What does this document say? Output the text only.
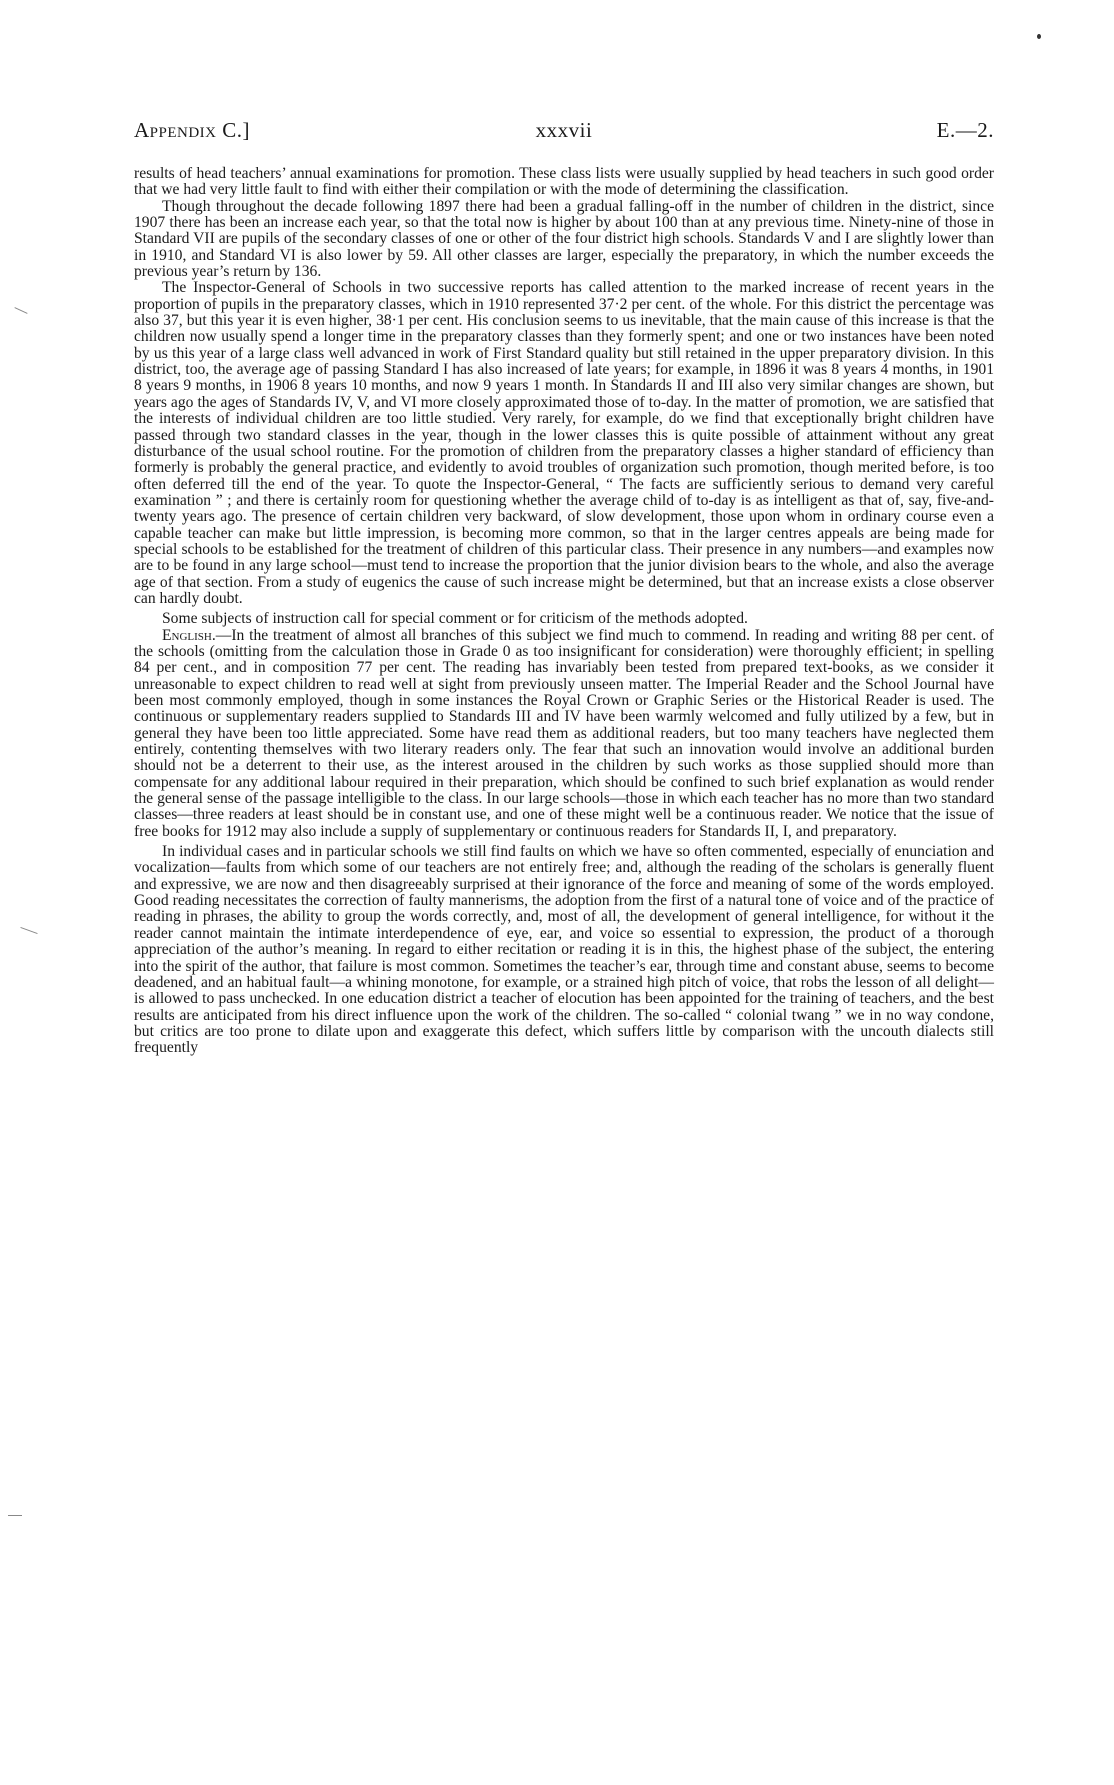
Appendix C.]	xxxvii	E.—2.

results of head teachers’ annual examinations for promotion. These class lists were usually supplied by head teachers in such good order that we had very little fault to find with either their compilation or with the mode of determining the classification.

Though throughout the decade following 1897 there had been a gradual falling-off in the number of children in the district, since 1907 there has been an increase each year, so that the total now is higher by about 100 than at any previous time. Ninety-nine of those in Standard VII are pupils of the secondary classes of one or other of the four district high schools. Standards V and I are slightly lower than in 1910, and Standard VI is also lower by 59. All other classes are larger, especially the preparatory, in which the number exceeds the previous year’s return by 136.

The Inspector-General of Schools in two successive reports has called attention to the marked increase of recent years in the proportion of pupils in the preparatory classes, which in 1910 represented 37·2 per cent. of the whole. For this district the percentage was also 37, but this year it is even higher, 38·1 per cent. His conclusion seems to us inevitable, that the main cause of this increase is that the children now usually spend a longer time in the preparatory classes than they formerly spent; and one or two instances have been noted by us this year of a large class well advanced in work of First Standard quality but still retained in the upper preparatory division. In this district, too, the average age of passing Standard I has also increased of late years; for example, in 1896 it was 8 years 4 months, in 1901 8 years 9 months, in 1906 8 years 10 months, and now 9 years 1 month. In Standards II and III also very similar changes are shown, but years ago the ages of Standards IV, V, and VI more closely approximated those of to-day. In the matter of promotion, we are satisfied that the interests of individual children are too little studied. Very rarely, for example, do we find that exceptionally bright children have passed through two standard classes in the year, though in the lower classes this is quite possible of attainment without any great disturbance of the usual school routine. For the promotion of children from the preparatory classes a higher standard of efficiency than formerly is probably the general practice, and evidently to avoid troubles of organization such promotion, though merited before, is too often deferred till the end of the year. To quote the Inspector-General, “ The facts are sufficiently serious to demand very careful examination ” ; and there is certainly room for questioning whether the average child of to-day is as intelligent as that of, say, five-and-twenty years ago. The presence of certain children very backward, of slow development, those upon whom in ordinary course even a capable teacher can make but little impression, is becoming more common, so that in the larger centres appeals are being made for special schools to be established for the treatment of children of this particular class. Their presence in any numbers—and examples now are to be found in any large school—must tend to increase the proportion that the junior division bears to the whole, and also the average age of that section. From a study of eugenics the cause of such increase might be determined, but that an increase exists a close observer can hardly doubt.

Some subjects of instruction call for special comment or for criticism of the methods adopted.

English.—In the treatment of almost all branches of this subject we find much to commend. In reading and writing 88 per cent. of the schools (omitting from the calculation those in Grade 0 as too insignificant for consideration) were thoroughly efficient; in spelling 84 per cent., and in composition 77 per cent. The reading has invariably been tested from prepared text-books, as we consider it unreasonable to expect children to read well at sight from previously unseen matter. The Imperial Reader and the School Journal have been most commonly employed, though in some instances the Royal Crown or Graphic Series or the Historical Reader is used. The continuous or supplementary readers supplied to Standards III and IV have been warmly welcomed and fully utilized by a few, but in general they have been too little appreciated. Some have read them as additional readers, but too many teachers have neglected them entirely, contenting themselves with two literary readers only. The fear that such an innovation would involve an additional burden should not be a deterrent to their use, as the interest aroused in the children by such works as those supplied should more than compensate for any additional labour required in their preparation, which should be confined to such brief explanation as would render the general sense of the passage intelligible to the class. In our large schools—those in which each teacher has no more than two standard classes—three readers at least should be in constant use, and one of these might well be a continuous reader. We notice that the issue of free books for 1912 may also include a supply of supplementary or continuous readers for Standards II, I, and preparatory.

In individual cases and in particular schools we still find faults on which we have so often commented, especially of enunciation and vocalization—faults from which some of our teachers are not entirely free; and, although the reading of the scholars is generally fluent and expressive, we are now and then disagreeably surprised at their ignorance of the force and meaning of some of the words employed. Good reading necessitates the correction of faulty mannerisms, the adoption from the first of a natural tone of voice and of the practice of reading in phrases, the ability to group the words correctly, and, most of all, the development of general intelligence, for without it the reader cannot maintain the intimate interdependence of eye, ear, and voice so essential to expression, the product of a thorough appreciation of the author’s meaning. In regard to either recitation or reading it is in this, the highest phase of the subject, the entering into the spirit of the author, that failure is most common. Sometimes the teacher’s ear, through time and constant abuse, seems to become deadened, and an habitual fault—a whining monotone, for example, or a strained high pitch of voice, that robs the lesson of all delight—is allowed to pass unchecked. In one education district a teacher of elocution has been appointed for the training of teachers, and the best results are anticipated from his direct influence upon the work of the children. The so-called “ colonial twang ” we in no way condone, but critics are too prone to dilate upon and exaggerate this defect, which suffers little by comparison with the uncouth dialects still frequently
